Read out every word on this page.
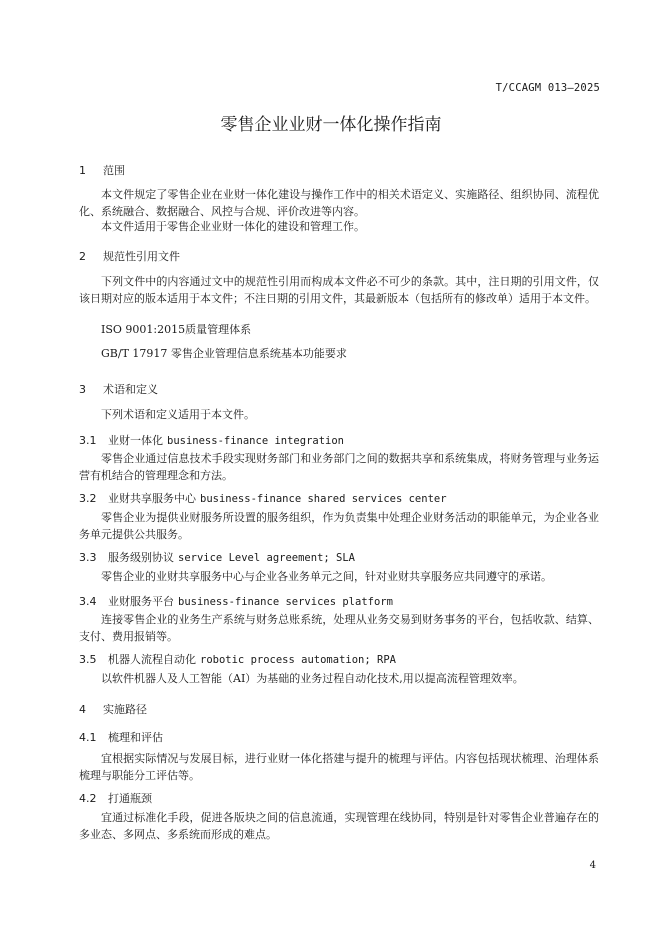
T/CCAGM 013—2025
零售企业业财一体化操作指南
1 范围
本文件规定了零售企业在业财一体化建设与操作工作中的相关术语定义、实施路径、组织协同、流程优化、系统融合、数据融合、风控与合规、评价改进等内容。
本文件适用于零售企业业财一体化的建设和管理工作。
2 规范性引用文件
下列文件中的内容通过文中的规范性引用而构成本文件必不可少的条款。其中，注日期的引用文件，仅该日期对应的版本适用于本文件；不注日期的引用文件，其最新版本（包括所有的修改单）适用于本文件。
ISO 9001:2015质量管理体系
GB/T 17917 零售企业管理信息系统基本功能要求
3 术语和定义
下列术语和定义适用于本文件。
3.1 业财一体化 business-finance integration
零售企业通过信息技术手段实现财务部门和业务部门之间的数据共享和系统集成，将财务管理与业务运营有机结合的管理理念和方法。
3.2 业财共享服务中心 business-finance shared services center
零售企业为提供业财服务所设置的服务组织，作为负责集中处理企业财务活动的职能单元，为企业各业务单元提供公共服务。
3.3 服务级别协议 service Level agreement; SLA
零售企业的业财共享服务中心与企业各业务单元之间，针对业财共享服务应共同遵守的承诺。
3.4 业财服务平台 business-finance services platform
连接零售企业的业务生产系统与财务总账系统，处理从业务交易到财务事务的平台，包括收款、结算、支付、费用报销等。
3.5 机器人流程自动化 robotic process automation; RPA
以软件机器人及人工智能（AI）为基础的业务过程自动化技术,用以提高流程管理效率。
4 实施路径
4.1 梳理和评估
宜根据实际情况与发展目标，进行业财一体化搭建与提升的梳理与评估。内容包括现状梳理、治理体系梳理与职能分工评估等。
4.2 打通瓶颈
宜通过标准化手段，促进各版块之间的信息流通，实现管理在线协同，特别是针对零售企业普遍存在的多业态、多网点、多系统而形成的难点。
4
